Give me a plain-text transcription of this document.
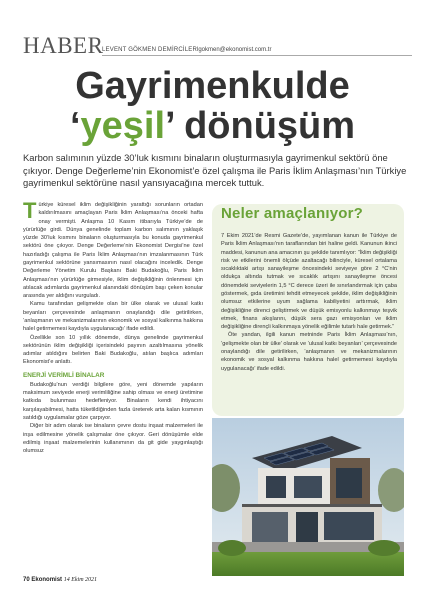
HABER
LEVENT GÖKMEN DEMİRCİLER lgokmen@ekonomist.com.tr
Gayrimenkulde
‘yeşil’ dönüşüm

Karbon salımının yüzde 30’luk kısmını binaların oluşturmasıyla gayrimenkul sektörü öne çıkıyor. Denge Değerleme’nin Ekonomist’e özel çalışma ile Paris İklim Anlaşması’nın Türkiye gayrimenkul sektörüne nasıl yansıyacağına mercek tuttuk.

Türkiye küresel iklim değişikliğinin yarattığı sorunların ortadan kaldırılmasını amaçlayan Paris İklim Anlaşması’na önceki hafta onay vermişti. Anlaşma 10 Kasım itibarıyla Türkiye’de de yürürlüğe girdi. Dünya genelinde toplam karbon salımının yaklaşık yüzde 30’luk kısmını binaların oluşturmasıyla bu konuda gayrimenkul sektörü öne çıkıyor. Denge Değerleme’nin Ekonomist Dergisi’ne özel hazırladığı çalışma ile Paris İklim Anlaşması’nın imzalanmasının Türk gayrimenkul sektörüne yansımasının nasıl olacağını inceledik. Denge Değerleme Yönetim Kurulu Başkanı Baki Budakoğlu, Paris İklim Anlaşması’nın yürürlüğe girmesiyle, iklim değişikliğinin önlenmesi için atılacak adımlarda gayrimenkul alanındaki dönüşüm başı çeken konular arasında yer aldığını vurguladı.

Kamu tarafından gelişmekte olan bir ülke olarak ve ulusal katkı beyanları çerçevesinde anlaşmanın onaylandığı dile getirilirken, ‘anlaşmanın ve mekanizmalarının ekonomik ve sosyal kalkınma hakkına halel getirmemesi kaydıyla uygulanacağı’ ifade edildi.

Özellikle son 10 yıllık dönemde, dünya genelinde gayrimenkul sektörünün iklim değişikliği içerisindeki payının azaltılmasına yönelik adımlar atıldığını belirten Baki Budakoğlu, atılan başlıca adımları Ekonomist’e anlattı.

ENERJİ VERİMLİ BİNALAR

Budakoğlu’nun verdiği bilgilere göre, yeni dönemde yapıların maksimum seviyede enerji verimliliğine sahip olması ve enerji üretimine katkıda bulunması hedefleniyor. Binaların kendi ihtiyacını karşılayabilmesi, hatta tüketildiğinden fazla üreterek arta kalan kısmının satıldığı uygulamalar göze çarpıyor.

Diğer bir adım olarak ise binaların çevre dostu inşaat malzemeleri ile inşa edilmesine yönelik çalışmalar öne çıkıyor. Geri dönüşümle elde edilmiş inşaat malzemelerinin kullanımının da git gide yaygınlaştığı olumsuz

Neler amaçlanıyor?

7 Ekim 2021’de Resmi Gazete’de, yayımlanan kanun ile Türkiye de Paris İklim Anlaşması’nın taraflarından biri haline geldi. Kanunun ikinci maddesi, kanunun ana amacının şu şekilde tanımlıyor: “İklim değişikliği risk ve etkilerini önemli ölçüde azaltacağı bilinciyle, küresel ortalama sıcaklıktaki artışı sanayileşme öncesindeki seviyeye göre 2 °C’nin oldukça altında tutmak ve sıcaklık artışını sanayileşme öncesi dönemdeki seviyelerin 1,5 °C derece üzeri ile sınırlandırmak için çaba göstermek, gıda üretimini tehdit etmeyecek şekilde, iklim değişikliğinin olumsuz etkilerine uyum sağlama kabiliyetini arttırmak, iklim değişikliğine direnci geliştirmek ve düşük emisyonlu kalkınmayı teşvik etmek, finans akışlarını, düşük sera gazı emisyonları ve iklim değişikliğine dirençli kalkınmaya yönelik eğilimle tutarlı hale getirmek.”

Öte yandan, ilgili kanun metninde Paris İklim Anlaşması’nın, ‘gelişmekte olan bir ülke’ olarak ve ‘ulusal katkı beyanları’ çerçevesinde onaylandığı dile getirilirken, ‘anlaşmanın ve mekanizmalarının ekonomik ve sosyal kalkınma hakkına halel getirmemesi kaydıyla uygulanacağı’ ifade edildi.

70 Ekonomist 14 Ekim 2021
